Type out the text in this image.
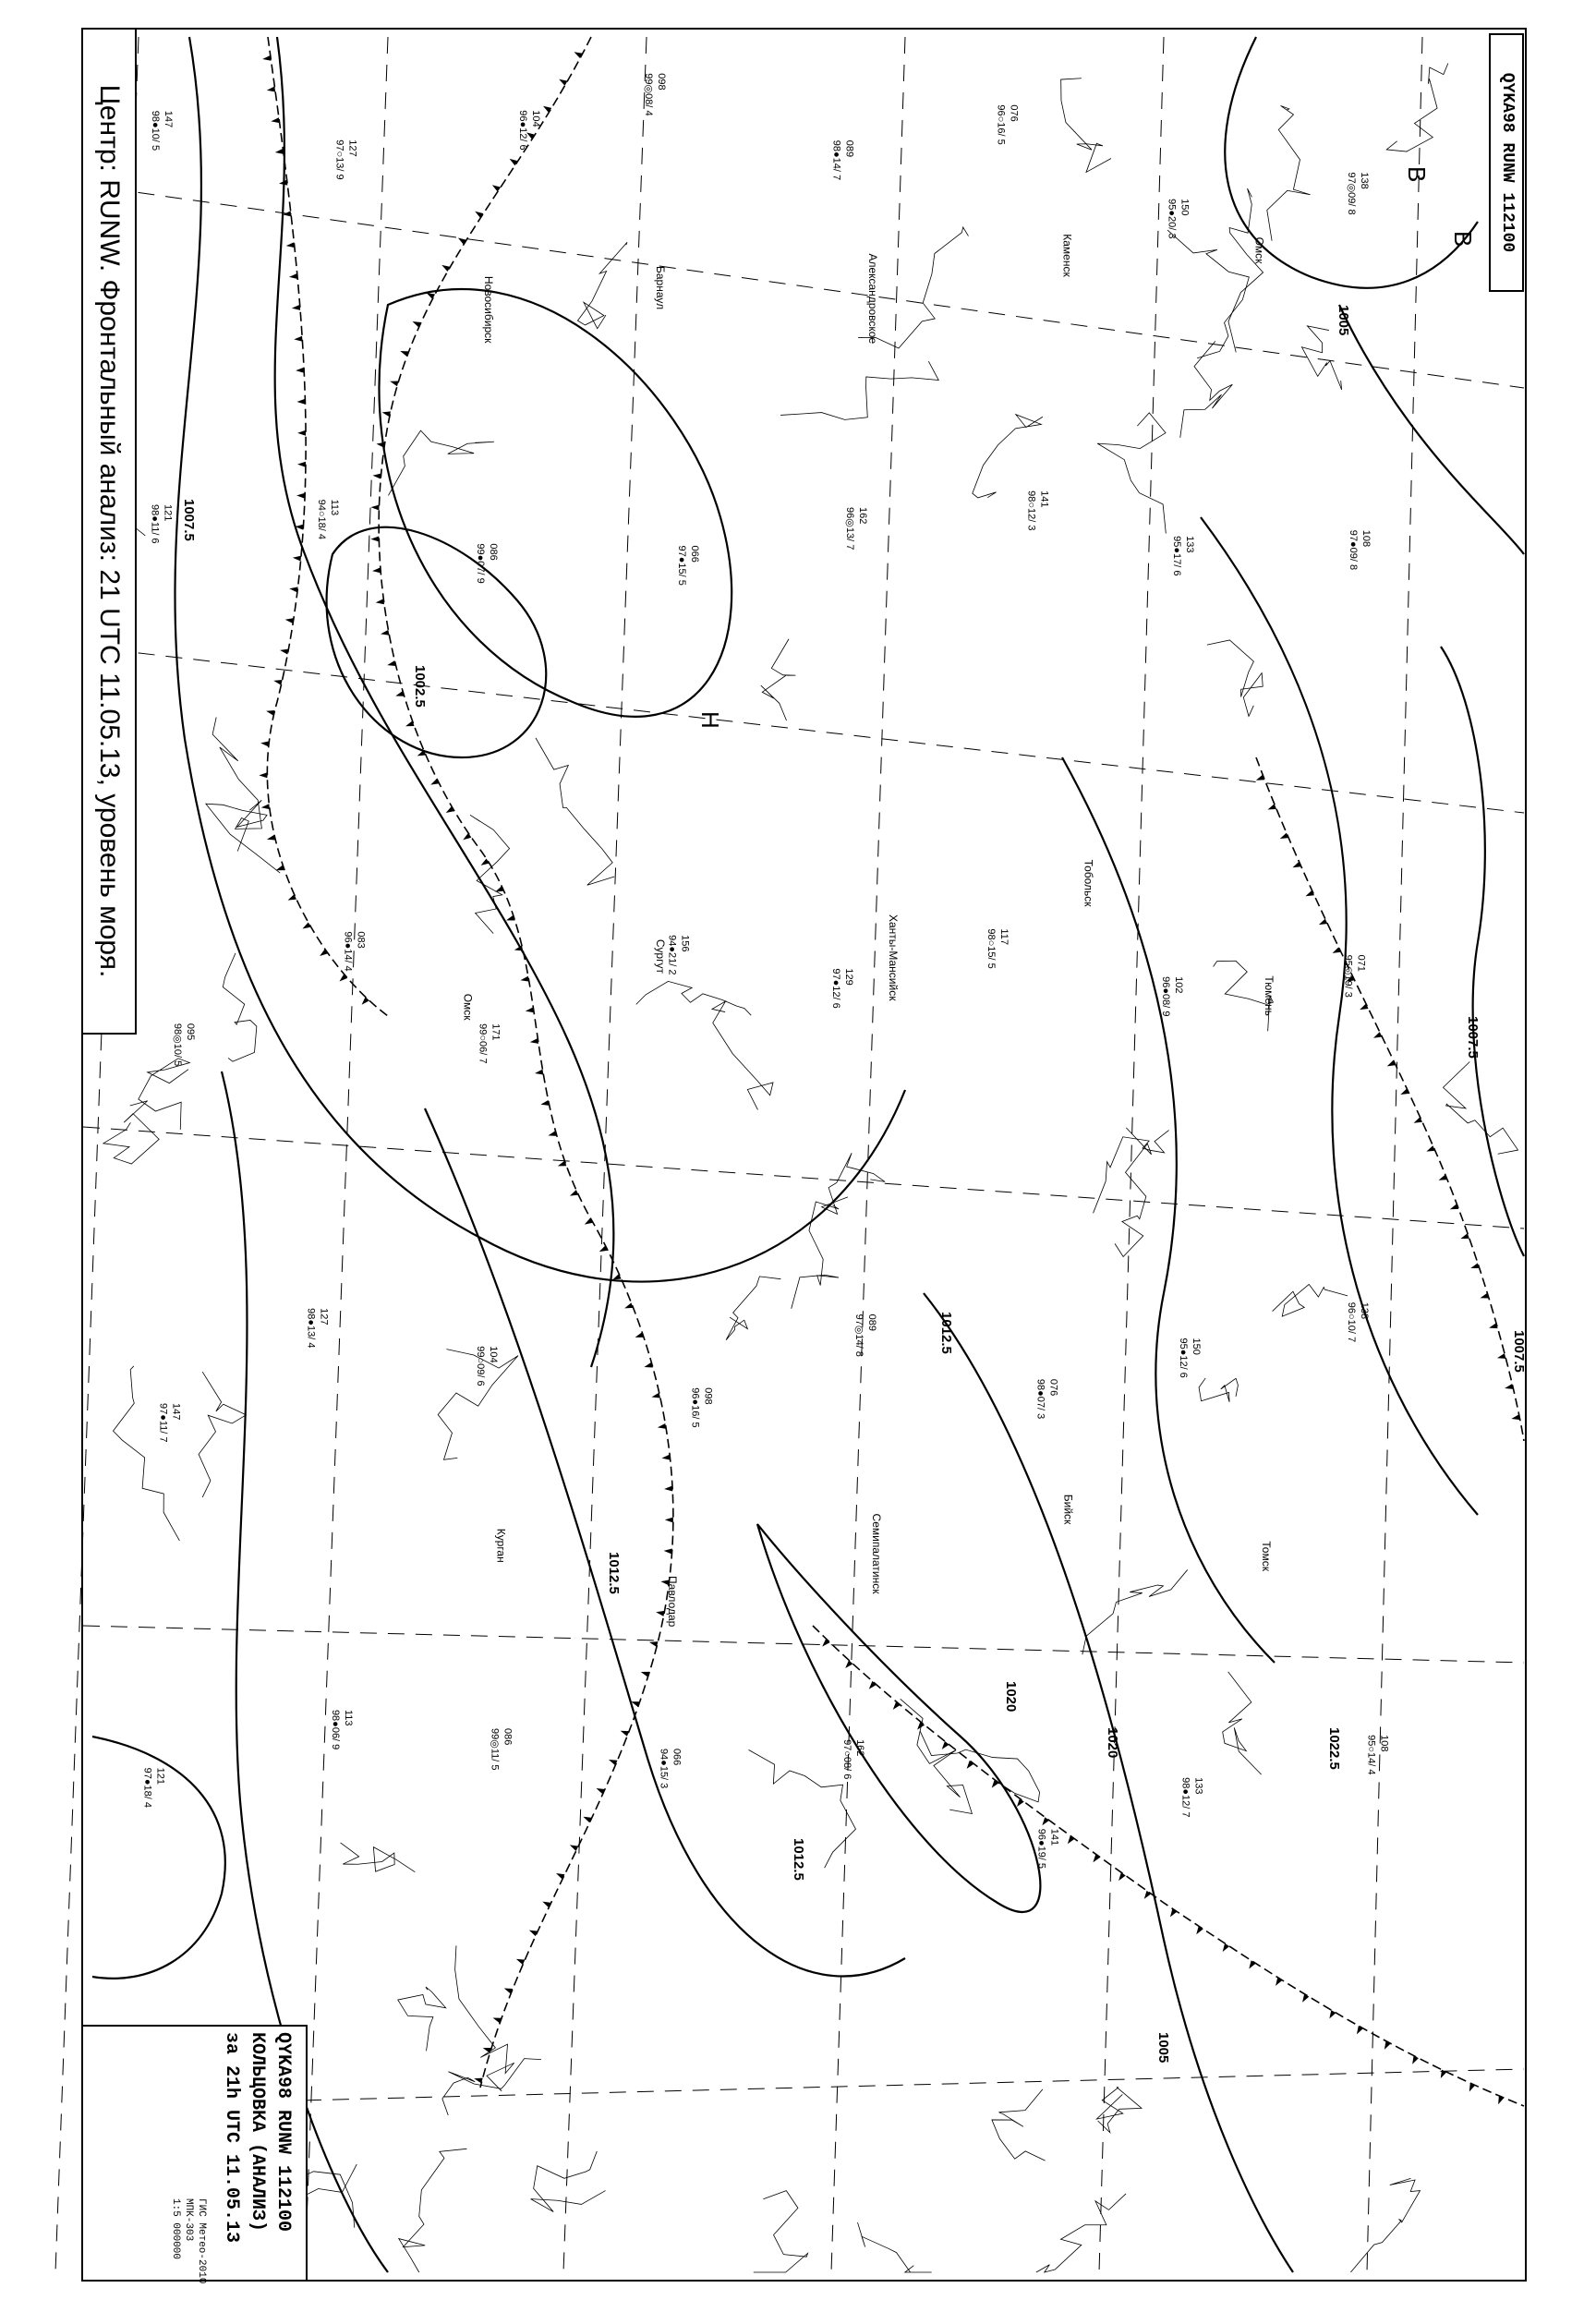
98●10/ 5 147
97○13/ 9 127	96●12/ 6 104
99◎08/ 4 098
98●14/ 7 089
96○16/ 5 076
95●20/ 3 150	97◎09/ 8 138
98●11/ 6 121	94○18/ 4 113
99●07/ 9 086	97●15/ 5 066
96◎13/ 7 162	98○12/ 3 141
95●17/ 6 133	97●09/ 8 108
98◎10/ 5 095
96●14/ 4 083
99○06/ 7 171
94●21/ 2 156
97●12/ 6 129
98○15/ 5 117
96●08/ 9 102	95◎19/ 3 071
97●11/ 7 147
98●13/ 4 127
99○09/ 6 104
96●16/ 5 098
97◎14/ 8 089
98●07/ 3 076
95●12/ 6 150
96○10/ 7 138
97●18/ 4 121
98●06/ 9 113
99◎11/ 5 086
94●15/ 3 066	97○08/ 6 162
96●19/ 5 141
98●12/ 7 133
95○14/ 4 108
Новосибирск	Барнаул	Александровское	Каменск	Омск
Омск
Сургут	Ханты-Мансийск
Тобольск
Тюмень
Курган
Павлодар
Семипалатинск
Бийск
Томск
1007.5
1002.5
1012.5
1020	1022.5
1007.5
1005
1012.5
1020
1012.5
1007.5
1005
Н
В
В
Центр: RUNW. Фронтальный анализ: 21 UTC 11.05.13, уровень моря.	QYKA98 RUNW 112100
QYKA98 RUNW 112100
КОЛЬЦОВКА (АНАЛИЗ)
за 21h UTC 11.05.13
ГИС Метео-2010
МПК-303
1:5 000000
